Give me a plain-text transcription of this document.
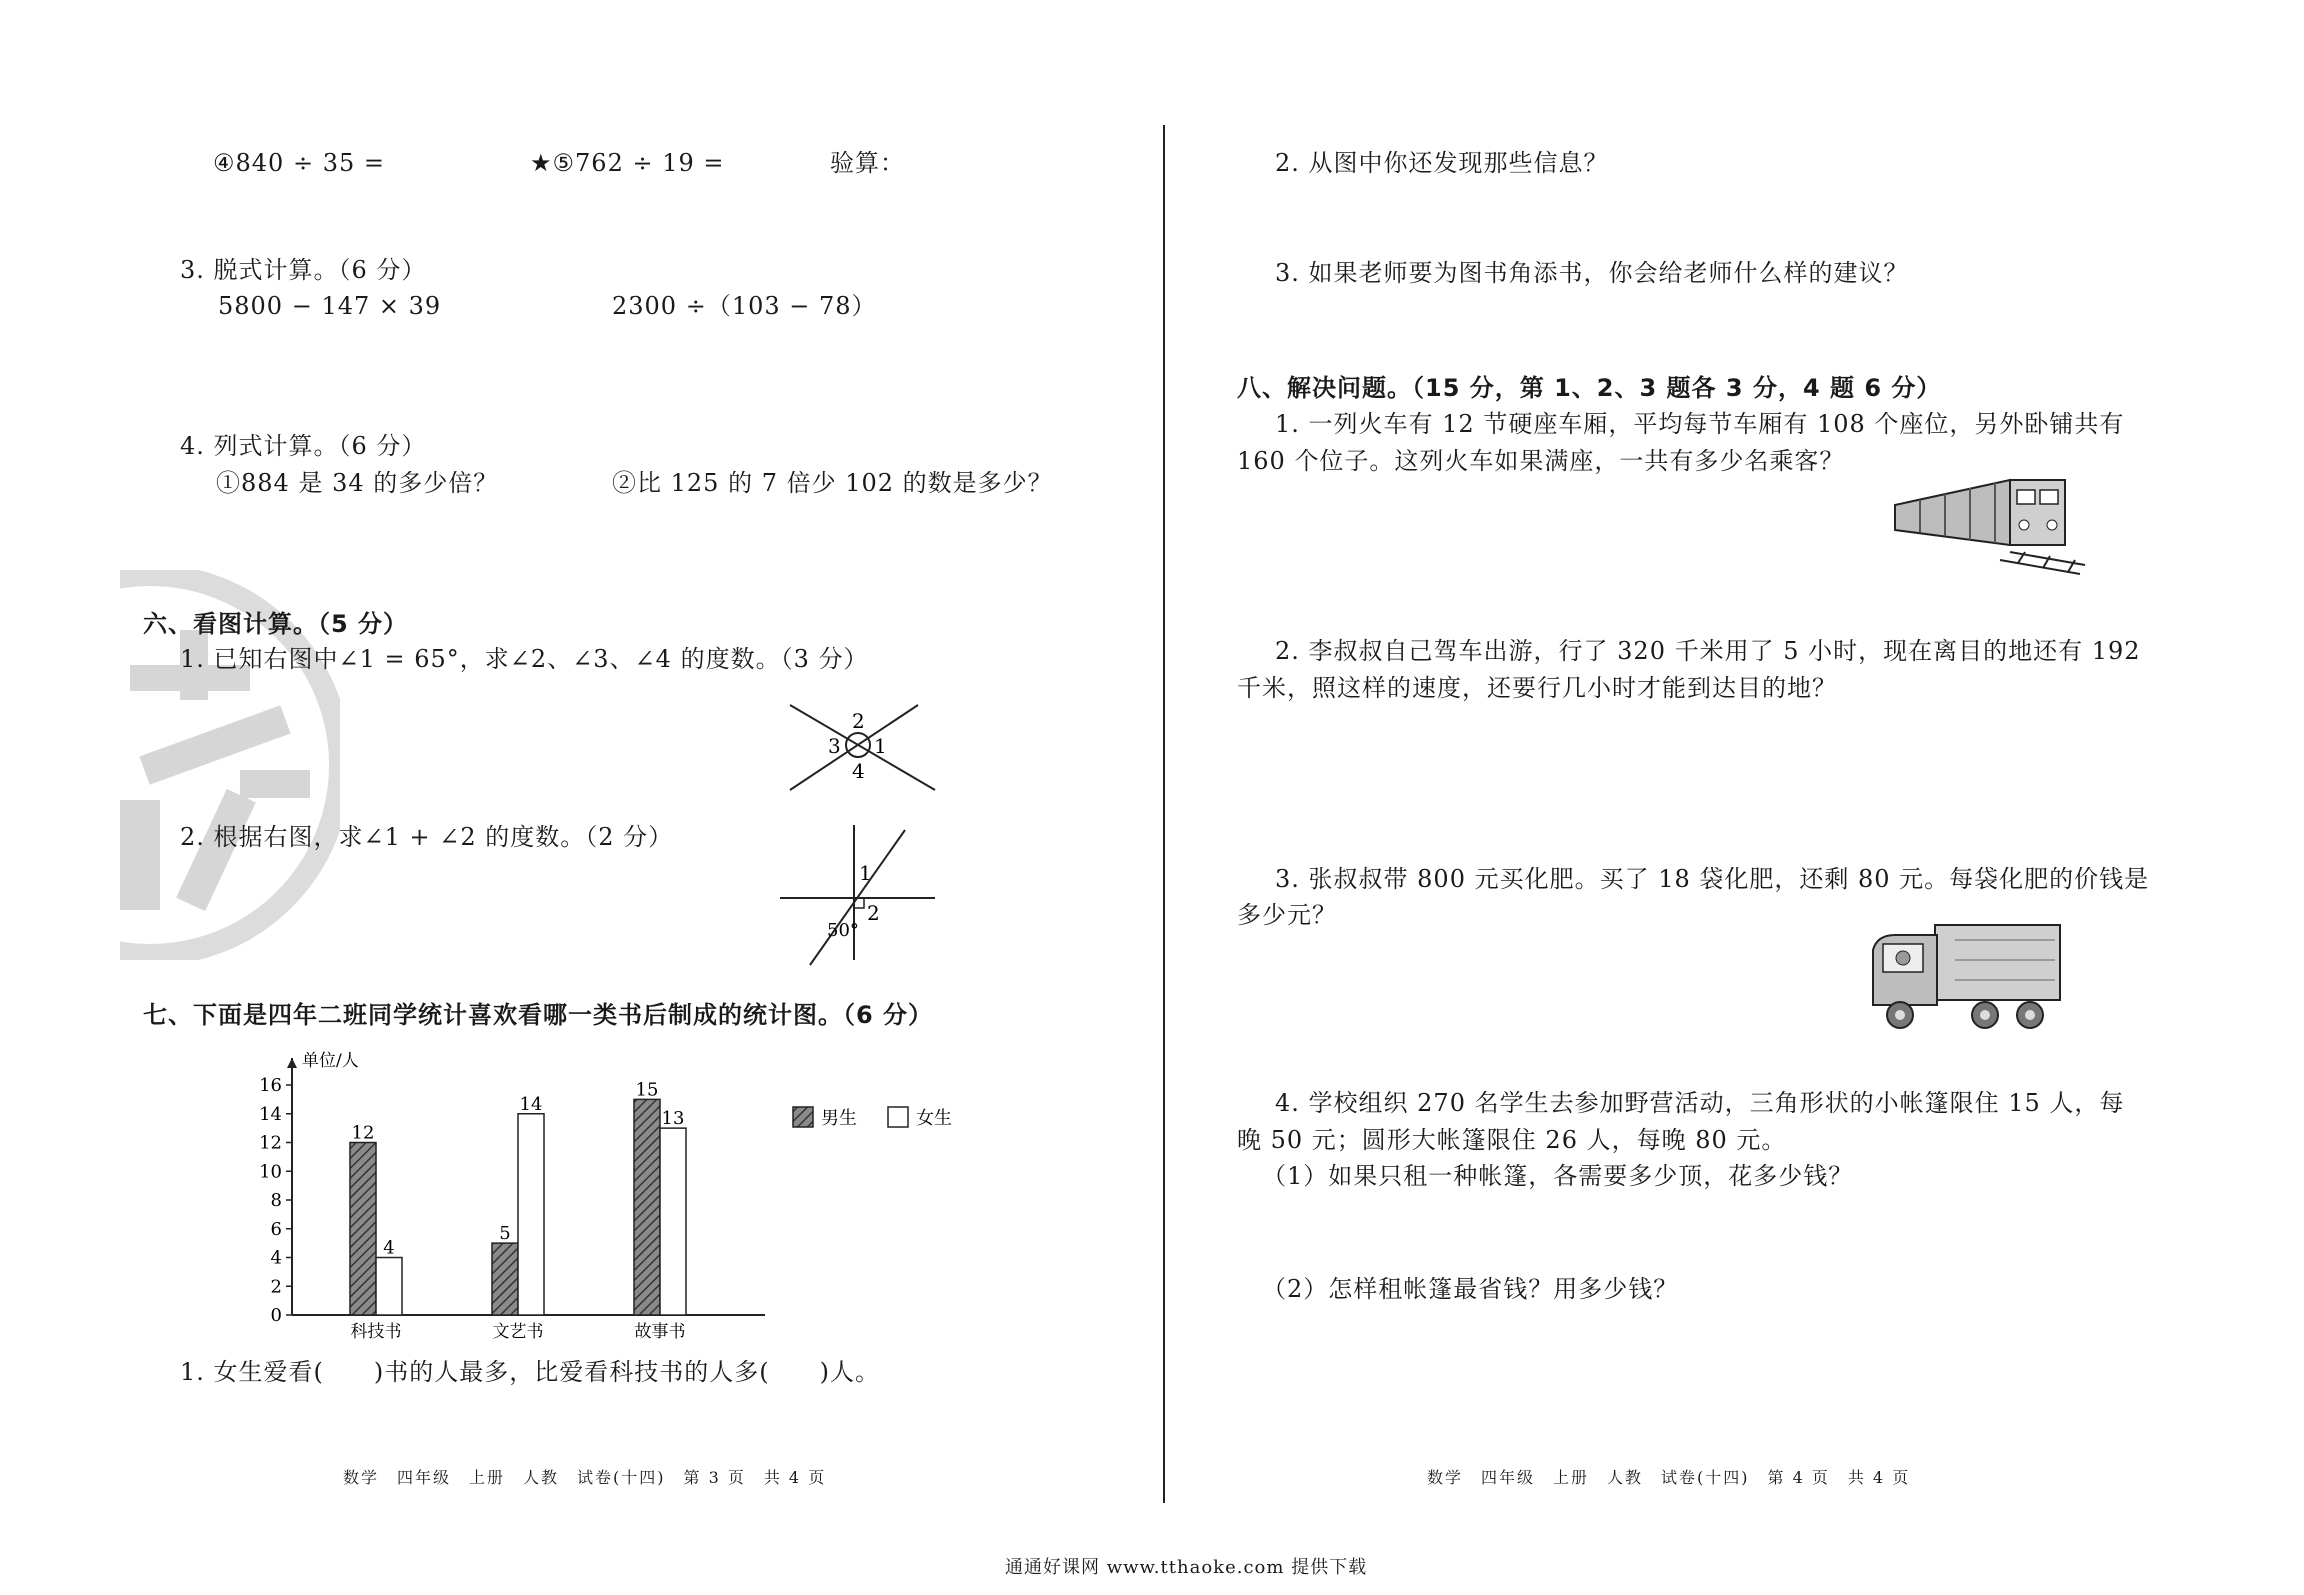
④840 ÷ 35 =	★⑤762 ÷ 19 =	验算：
3. 脱式计算。（6 分）
5800 − 147 × 39	2300 ÷（103 − 78）
4. 列式计算。（6 分）
①884 是 34 的多少倍？	②比 125 的 7 倍少 102 的数是多少？
六、看图计算。（5 分）
1. 已知右图中∠1 = 65°，求∠2、∠3、∠4 的度数。（3 分）
2. 根据右图，求∠1 + ∠2 的度数。（2 分）
1
2
3
4
1
2
50°
七、下面是四年二班同学统计喜欢看哪一类书后制成的统计图。（6 分）
单位/人
0
2
4
6
8
10
12
14
16
12
4
科技书
5
14
文艺书
15
13
故事书
男生	女生
1. 女生爱看(　　)书的人最多，比爱看科技书的人多(　　)人。
数学　四年级　上册　人教　试卷(十四)　第 3 页　共 4 页
2. 从图中你还发现那些信息？
3. 如果老师要为图书角添书，你会给老师什么样的建议？
八、解决问题。（15 分，第 1、2、3 题各 3 分，4 题 6 分）
1. 一列火车有 12 节硬座车厢，平均每节车厢有 108 个座位，另外卧铺共有
160 个位子。这列火车如果满座，一共有多少名乘客？
2. 李叔叔自己驾车出游，行了 320 千米用了 5 小时，现在离目的地还有 192
千米，照这样的速度，还要行几小时才能到达目的地？
3. 张叔叔带 800 元买化肥。买了 18 袋化肥，还剩 80 元。每袋化肥的价钱是
多少元？
4. 学校组织 270 名学生去参加野营活动，三角形状的小帐篷限住 15 人，每
晚 50 元；圆形大帐篷限住 26 人，每晚 80 元。
（1）如果只租一种帐篷，各需要多少顶，花多少钱？
（2）怎样租帐篷最省钱？用多少钱？
数学　四年级　上册　人教　试卷(十四)　第 4 页　共 4 页
通通好课网 www.tthaoke.com 提供下载
